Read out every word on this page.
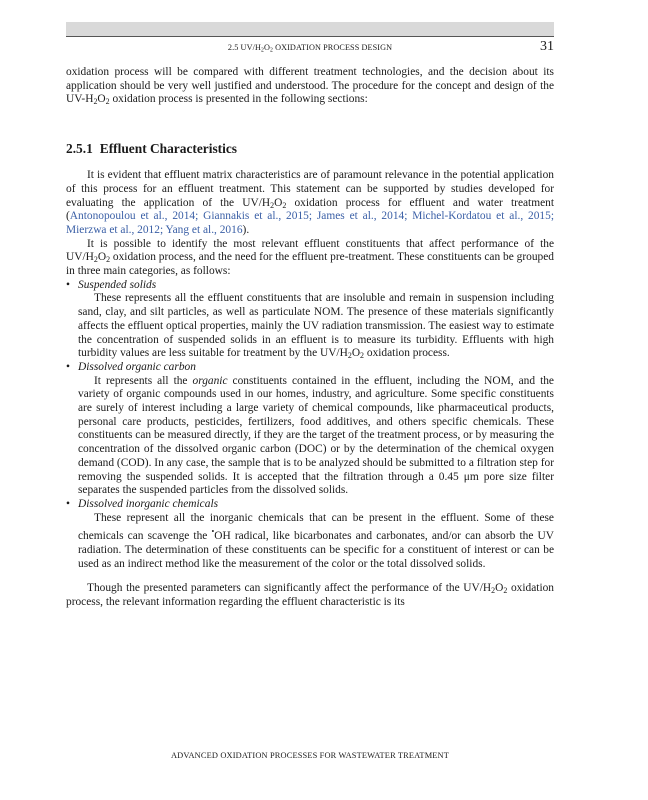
2.5 $UV/H_2O_2$ OXIDATION PROCESS DESIGN	31

oxidation process will be compared with different treatment technologies, and the decision about its application should be very well justified and understood. The procedure for the concept and design of the $UV-H_2O_2$ oxidation process is presented in the following sections:

2.5.1 Effluent Characteristics

It is evident that effluent matrix characteristics are of paramount relevance in the potential application of this process for an effluent treatment. This statement can be supported by studies developed for evaluating the application of the $UV/H_2O_2$ oxidation process for effluent and water treatment (Antonopoulou et al., 2014; Giannakis et al., 2015; James et al., 2014; Michel-Kordatou et al., 2015; Mierzwa et al., 2012; Yang et al., 2016).

It is possible to identify the most relevant effluent constituents that affect performance of the $UV/H_2O_2$ oxidation process, and the need for the effluent pre-treatment. These constituents can be grouped in three main categories, as follows:

• Suspended solids

These represents all the effluent constituents that are insoluble and remain in suspension including sand, clay, and silt particles, as well as particulate NOM. The presence of these materials significantly affects the effluent optical properties, mainly the UV radiation transmission. The easiest way to estimate the concentration of suspended solids in an effluent is to measure its turbidity. Effluents with high turbidity values are less suitable for treatment by the $UV/H_2O_2$ oxidation process.

• Dissolved organic carbon

It represents all the organic constituents contained in the effluent, including the NOM, and the variety of organic compounds used in our homes, industry, and agriculture. Some specific constituents are surely of interest including a large variety of chemical compounds, like pharmaceutical products, personal care products, pesticides, fertilizers, food additives, and others specific chemicals. These constituents can be measured directly, if they are the target of the treatment process, or by measuring the concentration of the dissolved organic carbon (DOC) or by the determination of the chemical oxygen demand (COD). In any case, the sample that is to be analyzed should be submitted to a filtration step for removing the suspended solids. It is accepted that the filtration through a 0.45 μm pore size filter separates the suspended particles from the dissolved solids.

• Dissolved inorganic chemicals

These represent all the inorganic chemicals that can be present in the effluent. Some of these chemicals can scavenge the •OH radical, like bicarbonates and carbonates, and/or can absorb the UV radiation. The determination of these constituents can be specific for a constituent of interest or can be used as an indirect method like the measurement of the color or the total dissolved solids.

Though the presented parameters can significantly affect the performance of the $UV/H_2O_2$ oxidation process, the relevant information regarding the effluent characteristic is its

ADVANCED OXIDATION PROCESSES FOR WASTEWATER TREATMENT
